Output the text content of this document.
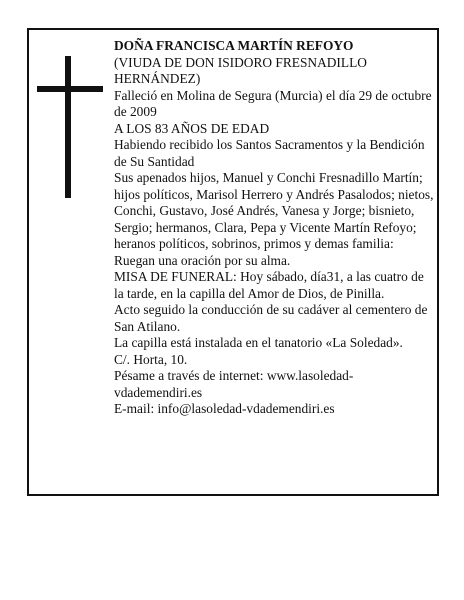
DOÑA FRANCISCA MARTÍN REFOYO

(VIUDA DE DON ISIDORO FRESNADILLO HERNÁNDEZ)

Falleció en Molina de Segura (Murcia) el día 29 de octubre de 2009

A LOS 83 AÑOS DE EDAD

Habiendo recibido los Santos Sacramentos y la Bendición de Su Santidad

Sus apenados hijos, Manuel y Conchi Fresnadillo Martín; hijos políticos, Marisol Herrero y Andrés Pasalodos; nietos, Conchi, Gustavo, José Andrés, Vanesa y Jorge; bisnieto, Sergio; hermanos, Clara, Pepa y Vicente Martín Refoyo; heranos políticos, sobrinos, primos y demas familia:

Ruegan una oración por su alma.

MISA DE FUNERAL: Hoy sábado, día31, a las cuatro de la tarde, en la capilla del Amor de Dios, de Pinilla.

Acto seguido la conducción de su cadáver al cementero de San Atilano.

La capilla está instalada en el tanatorio «La Soledad».

C/. Horta, 10.

Pésame a través de internet: www.lasoledad-vdademendiri.es

E-mail: info@lasoledad-vdademendiri.es
